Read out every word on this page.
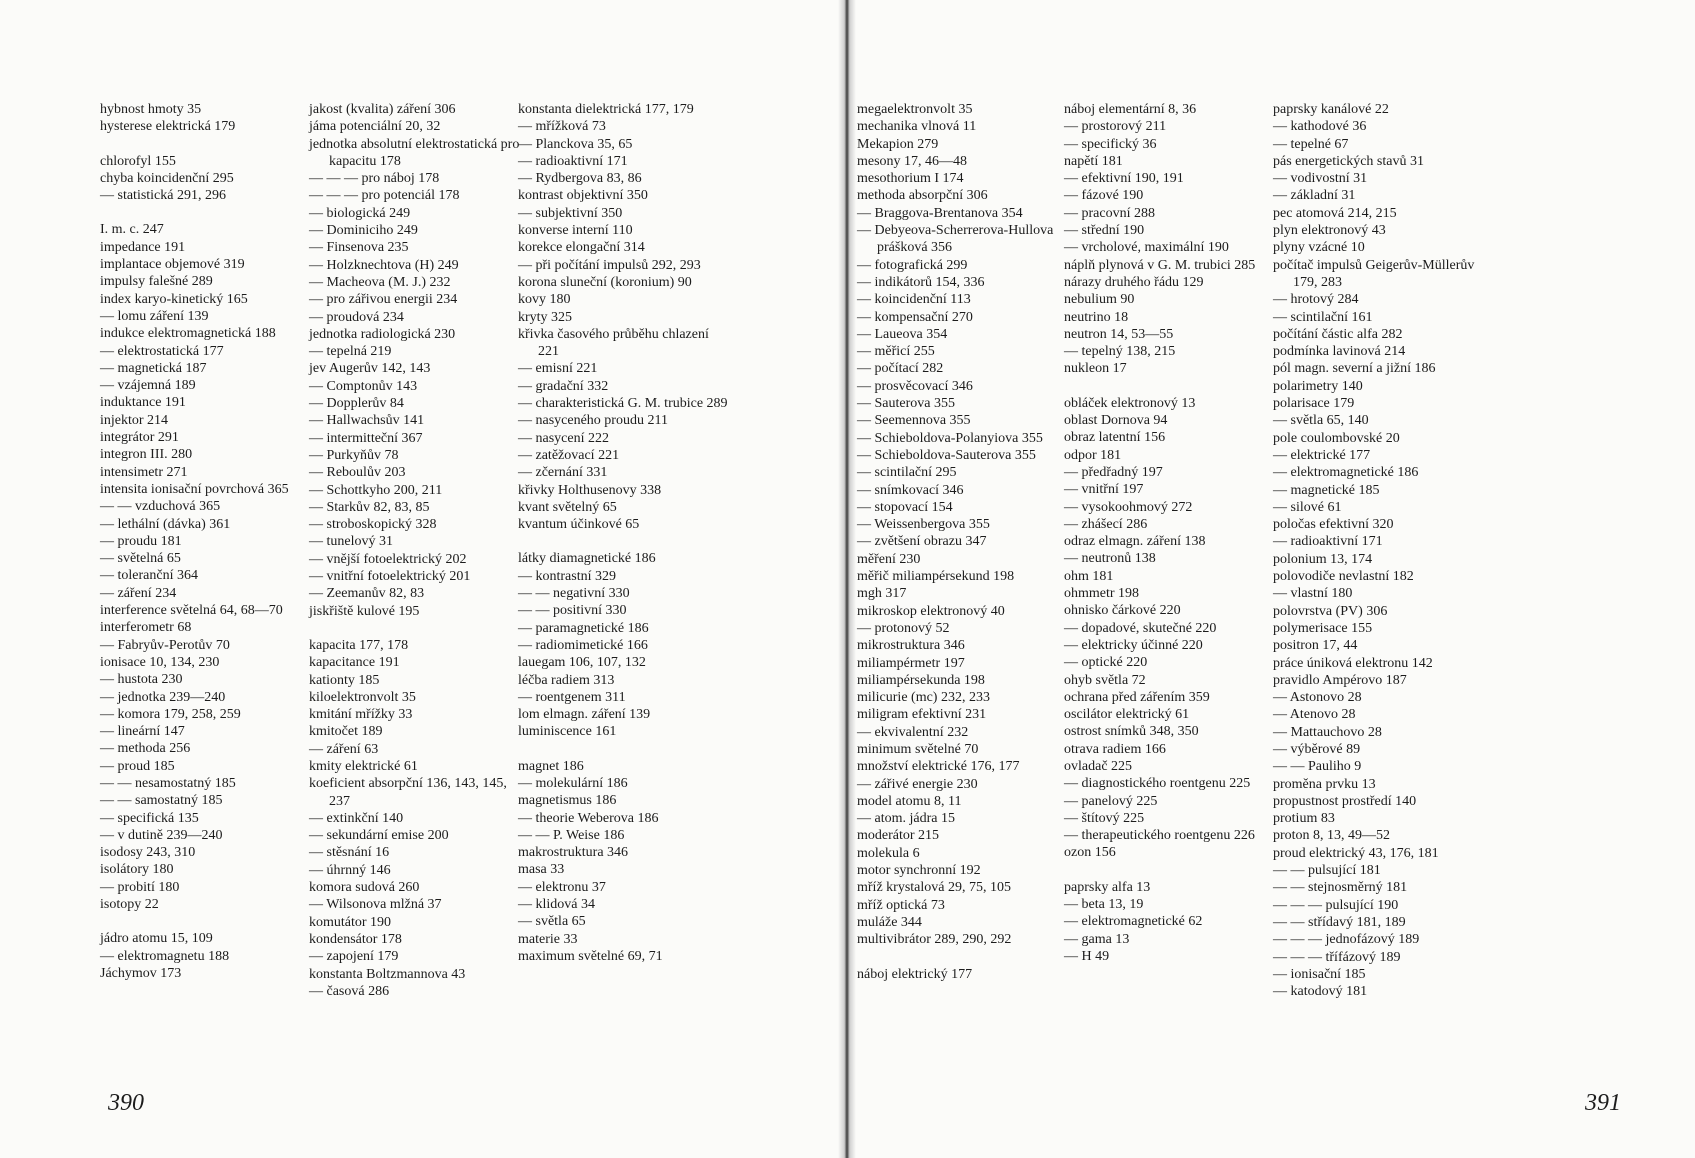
hybnost hmoty 35
hysterese elektrická 179
chlorofyl 155
chyba koincidenční 295
— statistická 291, 296
I. m. c. 247
impedance 191
implantace objemové 319
impulsy falešné 289
index karyo-kinetický 165
— lomu záření 139
indukce elektromagnetická 188
— elektrostatická 177
— magnetická 187
— vzájemná 189
induktance 191
injektor 214
integrátor 291
integron III. 280
intensimetr 271
intensita ionisační povrchová 365
— — vzduchová 365
— lethální (dávka) 361
— proudu 181
— světelná 65
— toleranční 364
— záření 234
interference světelná 64, 68—70
interferometr 68
— Fabryův-Perotův 70
ionisace 10, 134, 230
— hustota 230
— jednotka 239—240
— komora 179, 258, 259
— lineární 147
— methoda 256
— proud 185
— — nesamostatný 185
— — samostatný 185
— specifická 135
— v dutině 239—240
isodosy 243, 310
isolátory 180
— probití 180
isotopy 22
jádro atomu 15, 109
— elektromagnetu 188
Jáchymov 173
jakost (kvalita) záření 306
jáma potenciální 20, 32
jednotka absolutní elektrostatická pro kapacitu 178
— — — pro náboj 178
— — — pro potenciál 178
— biologická 249
— Dominiciho 249
— Finsenova 235
— Holzknechtova (H) 249
— Macheova (M. J.) 232
— pro zářivou energii 234
— proudová 234
jednotka radiologická 230
— tepelná 219
jev Augerův 142, 143
— Comptonův 143
— Dopplerův 84
— Hallwachsův 141
— intermitteční 367
— Purkyňův 78
— Reboulův 203
— Schottkyho 200, 211
— Starkův 82, 83, 85
— stroboskopický 328
— tunelový 31
— vnější fotoelektrický 202
— vnitřní fotoelektrický 201
— Zeemanův 82, 83
jiskřiště kulové 195
kapacita 177, 178
kapacitance 191
kationty 185
kiloelektronvolt 35
kmitání mřížky 33
kmitočet 189
— záření 63
kmity elektrické 61
koeficient absorpční 136, 143, 145, 237
— extinkční 140
— sekundární emise 200
— stěsnání 16
— úhrnný 146
komora sudová 260
— Wilsonova mlžná 37
komutátor 190
kondensátor 178
— zapojení 179
konstanta Boltzmannova 43
— časová 286
konstanta dielektrická 177, 179
— mřížková 73
— Planckova 35, 65
— radioaktivní 171
— Rydbergova 83, 86
kontrast objektivní 350
— subjektivní 350
konverse interní 110
korekce elongační 314
— při počítání impulsů 292, 293
korona sluneční (koronium) 90
kovy 180
kryty 325
křivka časového průběhu chlazení 221
— emisní 221
— gradační 332
— charakteristická G. M. trubice 289
— nasyceného proudu 211
— nasycení 222
— zatěžovací 221
— zčernání 331
křivky Holthusenovy 338
kvant světelný 65
kvantum účinkové 65
látky diamagnetické 186
— kontrastní 329
— — negativní 330
— — positivní 330
— paramagnetické 186
— radiomimetické 166
lauegam 106, 107, 132
léčba radiem 313
— roentgenem 311
lom elmagn. záření 139
luminiscence 161
magnet 186
— molekulární 186
magnetismus 186
— theorie Weberova 186
— — P. Weise 186
makrostruktura 346
masa 33
— elektronu 37
— klidová 34
— světla 65
materie 33
maximum světelné 69, 71
390
megaelektronvolt 35
mechanika vlnová 11
Mekapion 279
mesony 17, 46—48
mesothorium I 174
methoda absorpční 306
— Braggova-Brentanova 354
— Debyeova-Scherrerova-Hullova prášková 356
— fotografická 299
— indikátorů 154, 336
— koincidenční 113
— kompensační 270
— Laueova 354
— měřicí 255
— počítací 282
— prosvěcovací 346
— Sauterova 355
— Seemennova 355
— Schieboldova-Polanyiova 355
— Schieboldova-Sauterova 355
— scintilační 295
— snímkovací 346
— stopovací 154
— Weissenbergova 355
— zvětšení obrazu 347
měření 230
měřič miliampérsekund 198
mgh 317
mikroskop elektronový 40
— protonový 52
mikrostruktura 346
miliampérmetr 197
miliampérsekunda 198
milicurie (mc) 232, 233
miligram efektivní 231
— ekvivalentní 232
minimum světelné 70
množství elektrické 176, 177
— zářivé energie 230
model atomu 8, 11
— atom. jádra 15
moderátor 215
molekula 6
motor synchronní 192
mříž krystalová 29, 75, 105
mříž optická 73
muláže 344
multivibrátor 289, 290, 292
náboj elektrický 177
náboj elementární 8, 36
— prostorový 211
— specifický 36
napětí 181
— efektivní 190, 191
— fázové 190
— pracovní 288
— střední 190
— vrcholové, maximální 190
náplň plynová v G. M. trubici 285
nárazy druhého řádu 129
nebulium 90
neutrino 18
neutron 14, 53—55
— tepelný 138, 215
nukleon 17
obláček elektronový 13
oblast Dornova 94
obraz latentní 156
odpor 181
— předřadný 197
— vnitřní 197
— vysokoohmový 272
— zhášecí 286
odraz elmagn. záření 138
— neutronů 138
ohm 181
ohmmetr 198
ohnisko čárkové 220
— dopadové, skutečné 220
— elektricky účinné 220
— optické 220
ohyb světla 72
ochrana před zářením 359
oscilátor elektrický 61
ostrost snímků 348, 350
otrava radiem 166
ovladač 225
— diagnostického roentgenu 225
— panelový 225
— štítový 225
— therapeutického roentgenu 226
ozon 156
paprsky alfa 13
— beta 13, 19
— elektromagnetické 62
— gama 13
— H 49
paprsky kanálové 22
— kathodové 36
— tepelné 67
pás energetických stavů 31
— vodivostní 31
— základní 31
pec atomová 214, 215
plyn elektronový 43
plyny vzácné 10
počítač impulsů Geigerův-Müllerův 179, 283
— hrotový 284
— scintilační 161
počítání částic alfa 282
podmínka lavinová 214
pól magn. severní a jižní 186
polarimetry 140
polarisace 179
— světla 65, 140
pole coulombovské 20
— elektrické 177
— elektromagnetické 186
— magnetické 185
— silové 61
poločas efektivní 320
— radioaktivní 171
polonium 13, 174
polovodiče nevlastní 182
— vlastní 180
polovrstva (PV) 306
polymerisace 155
positron 17, 44
práce úniková elektronu 142
pravidlo Ampérovo 187
— Astonovo 28
— Atenovo 28
— Mattauchovo 28
— výběrové 89
— — Pauliho 9
proměna prvku 13
propustnost prostředí 140
protium 83
proton 8, 13, 49—52
proud elektrický 43, 176, 181
— — pulsující 181
— — stejnosměrný 181
— — — pulsující 190
— — střídavý 181, 189
— — — jednofázový 189
— — — třífázový 189
— ionisační 185
— katodový 181
391
